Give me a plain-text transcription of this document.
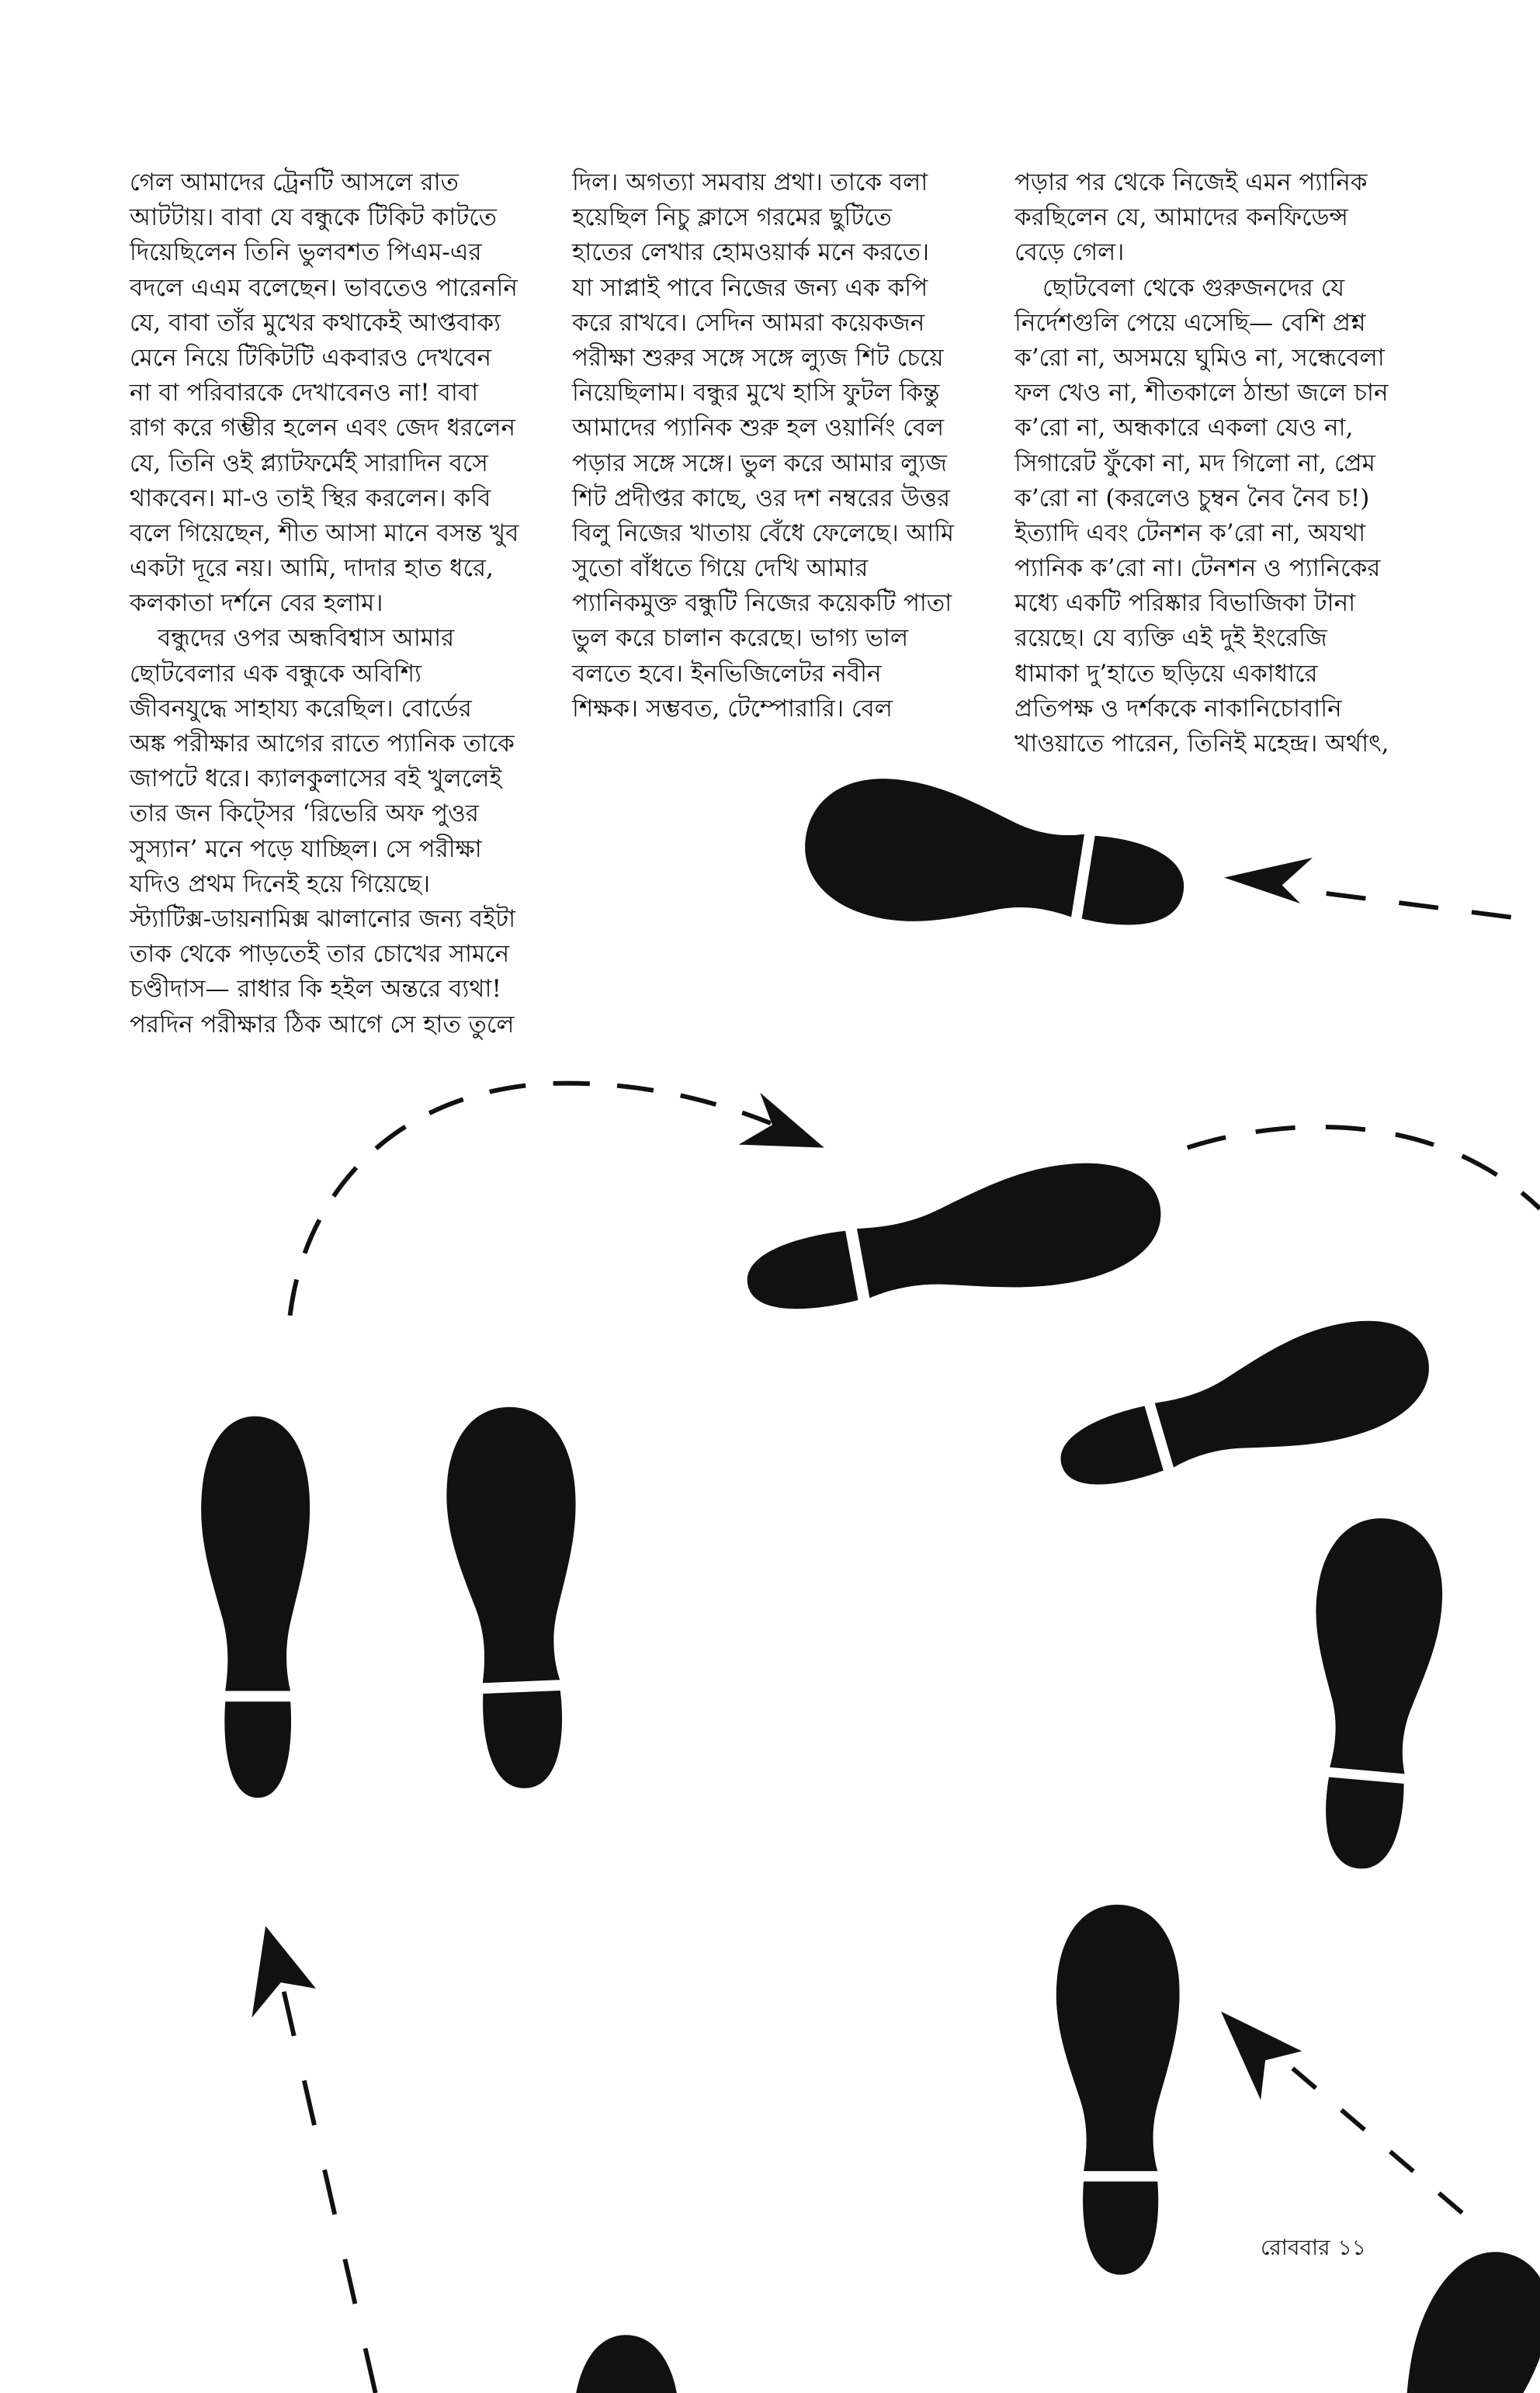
গেল আমাদের ট্রেনটি আসলে রাত
আটটায়। বাবা যে বন্ধুকে টিকিট কাটতে
দিয়েছিলেন তিনি ভুলবশত পিএম-এর
বদলে এএম বলেছেন। ভাবতেও পারেননি
যে, বাবা তাঁর মুখের কথাকেই আপ্তবাক্য
মেনে নিয়ে টিকিটটি একবারও দেখবেন
না বা পরিবারকে দেখাবেনও না! বাবা
রাগ করে গম্ভীর হলেন এবং জেদ ধরলেন
যে, তিনি ওই প্ল্যাটফর্মেই সারাদিন বসে
থাকবেন। মা-ও তাই স্থির করলেন। কবি
বলে গিয়েছেন, শীত আসা মানে বসন্ত খুব
একটা দূরে নয়। আমি, দাদার হাত ধরে,
কলকাতা দর্শনে বের হলাম।
বন্ধুদের ওপর অন্ধবিশ্বাস আমার
ছোটবেলার এক বন্ধুকে অবিশ্যি
জীবনযুদ্ধে সাহায্য করেছিল। বোর্ডের
অঙ্ক পরীক্ষার আগের রাতে প্যানিক তাকে
জাপটে ধরে। ক্যালকুলাসের বই খুললেই
তার জন কিট্সের ‘রিভেরি অফ পুওর
সুস্যান’ মনে পড়ে যাচ্ছিল। সে পরীক্ষা
যদিও প্রথম দিনেই হয়ে গিয়েছে।
স্ট্যাটিক্স-ডায়নামিক্স ঝালানোর জন্য বইটা
তাক থেকে পাড়তেই তার চোখের সামনে
চণ্ডীদাস— রাধার কি হইল অন্তরে ব্যথা!
পরদিন পরীক্ষার ঠিক আগে সে হাত তুলে
দিল। অগত্যা সমবায় প্রথা। তাকে বলা
হয়েছিল নিচু ক্লাসে গরমের ছুটিতে
হাতের লেখার হোমওয়ার্ক মনে করতে।
যা সাপ্লাই পাবে নিজের জন্য এক কপি
করে রাখবে। সেদিন আমরা কয়েকজন
পরীক্ষা শুরুর সঙ্গে সঙ্গে ল্যুজ শিট চেয়ে
নিয়েছিলাম। বন্ধুর মুখে হাসি ফুটল কিন্তু
আমাদের প্যানিক শুরু হল ওয়ার্নিং বেল
পড়ার সঙ্গে সঙ্গে। ভুল করে আমার ল্যুজ
শিট প্রদীপ্তর কাছে, ওর দশ নম্বরের উত্তর
বিলু নিজের খাতায় বেঁধে ফেলেছে। আমি
সুতো বাঁধতে গিয়ে দেখি আমার
প্যানিকমুক্ত বন্ধুটি নিজের কয়েকটি পাতা
ভুল করে চালান করেছে। ভাগ্য ভাল
বলতে হবে। ইনভিজিলেটর নবীন
শিক্ষক। সম্ভবত, টেম্পোরারি। বেল
পড়ার পর থেকে নিজেই এমন প্যানিক
করছিলেন যে, আমাদের কনফিডেন্স
বেড়ে গেল।
ছোটবেলা থেকে গুরুজনদের যে
নির্দেশগুলি পেয়ে এসেছি— বেশি প্রশ্ন
ক’রো না, অসময়ে ঘুমিও না, সন্ধেবেলা
ফল খেও না, শীতকালে ঠান্ডা জলে চান
ক’রো না, অন্ধকারে একলা যেও না,
সিগারেট ফুঁকো না, মদ গিলো না, প্রেম
ক’রো না (করলেও চুম্বন নৈব নৈব চ!)
ইত্যাদি এবং টেনশন ক’রো না, অযথা
প্যানিক ক’রো না। টেনশন ও প্যানিকের
মধ্যে একটি পরিষ্কার বিভাজিকা টানা
রয়েছে। যে ব্যক্তি এই দুই ইংরেজি
ধামাকা দু’হাতে ছড়িয়ে একাধারে
প্রতিপক্ষ ও দর্শককে নাকানিচোবানি
খাওয়াতে পারেন, তিনিই মহেন্দ্র। অর্থাৎ,
রোববার ১১
